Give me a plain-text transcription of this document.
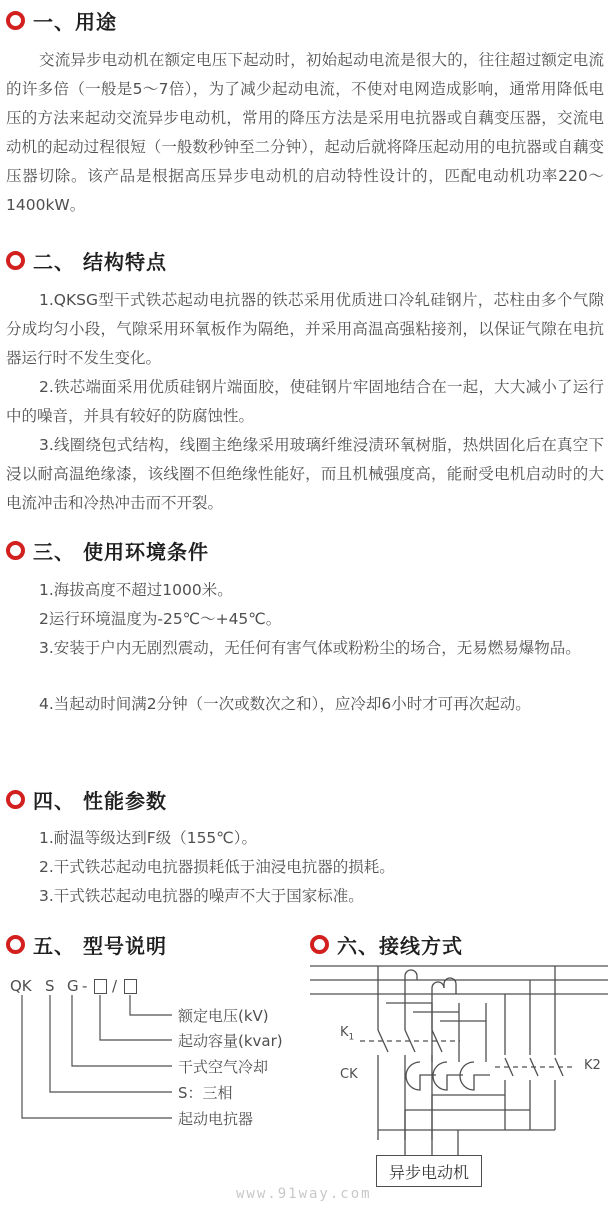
一、用途

交流异步电动机在额定电压下起动时，初始起动电流是很大的，往往超过额定电流的许多倍（一般是5～7倍），为了减少起动电流，不使对电网造成影响，通常用降低电压的方法来起动交流异步电动机，常用的降压方法是采用电抗器或自藕变压器，交流电动机的起动过程很短（一般数秒钟至二分钟），起动后就将降压起动用的电抗器或自藕变压器切除。该产品是根据高压异步电动机的启动特性设计的，匹配电动机功率220～1400kW。

二、 结构特点

1.QKSG型干式铁芯起动电抗器的铁芯采用优质进口冷轧硅钢片，芯柱由多个气隙分成均匀小段，气隙采用环氧板作为隔绝，并采用高温高强粘接剂，以保证气隙在电抗器运行时不发生变化。

2.铁芯端面采用优质硅钢片端面胶，使硅钢片牢固地结合在一起，大大减小了运行中的噪音，并具有较好的防腐蚀性。

3.线圈绕包式结构，线圈主绝缘采用玻璃纤维浸渍环氧树脂，热烘固化后在真空下浸以耐高温绝缘漆，该线圈不但绝缘性能好，而且机械强度高，能耐受电机启动时的大电流冲击和冷热冲击而不开裂。

三、 使用环境条件

1.海拔高度不超过1000米。

2运行环境温度为-25℃～+45℃。

3.安装于户内无剧烈震动，无任何有害气体或粉粉尘的场合，无易燃易爆物品。

4.当起动时间满2分钟（一次或数次之和），应冷却6小时才可再次起动。

四、 性能参数

1.耐温等级达到F级（155℃）。

2.干式铁芯起动电抗器损耗低于油浸电抗器的损耗。

3.干式铁芯起动电抗器的噪声不大于国家标准。

五、 型号说明
QK S G - /
额定电压(kV)
起动容量(kvar)
干式空气冷却
S：三相
起动电抗器
六、接线方式
$K_1$
CK
K2
异步电动机
www.91way.com
